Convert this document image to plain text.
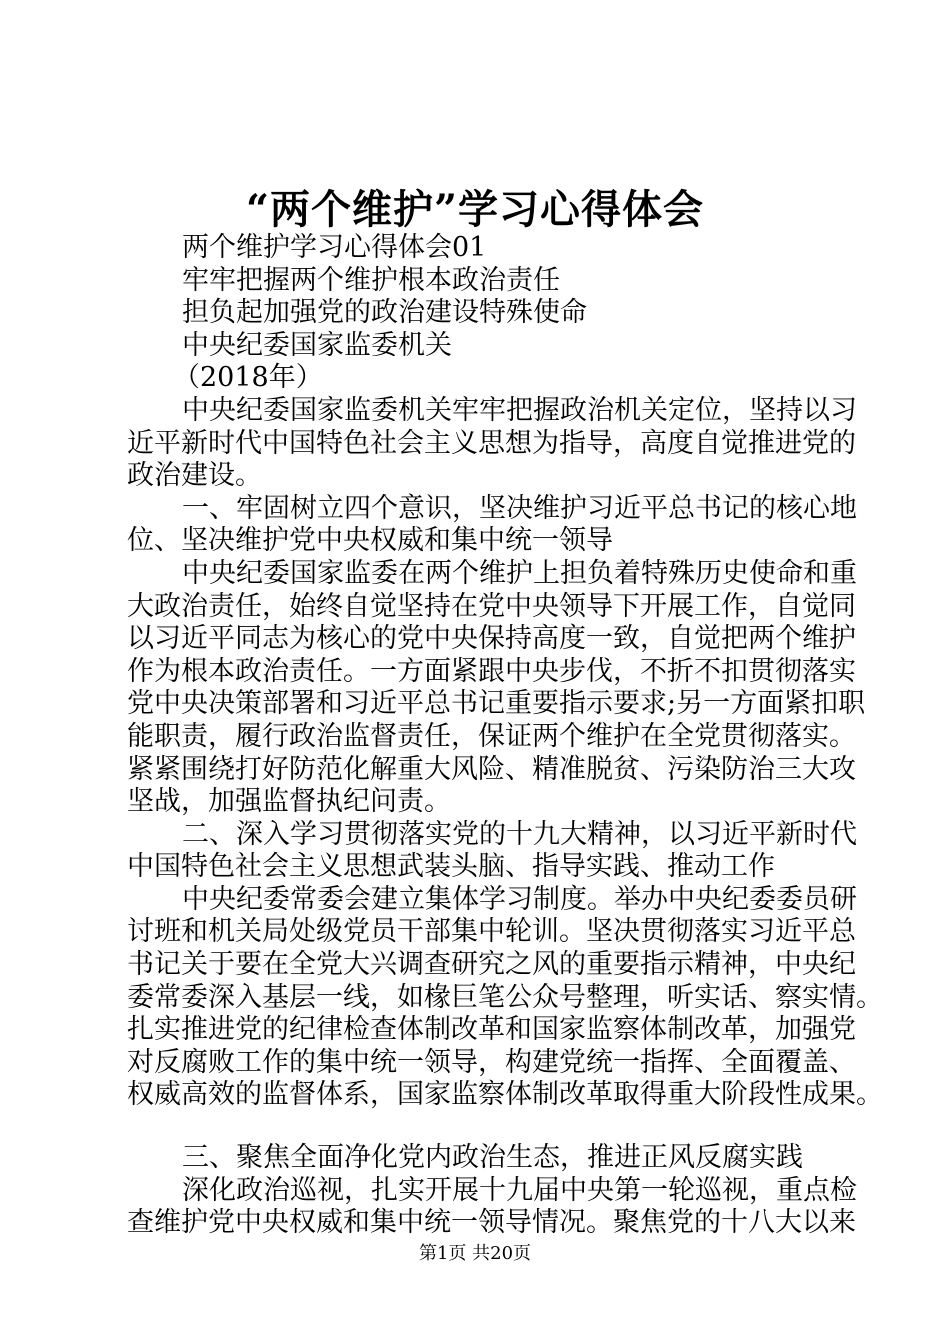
“两个维护”学习心得体会
两个维护学习心得体会01
牢牢把握两个维护根本政治责任
担负起加强党的政治建设特殊使命
中央纪委国家监委机关
（2018年）
中央纪委国家监委机关牢牢把握政治机关定位，坚持以习
近平新时代中国特色社会主义思想为指导，高度自觉推进党的
政治建设。
一、牢固树立四个意识，坚决维护习近平总书记的核心地
位、坚决维护党中央权威和集中统一领导
中央纪委国家监委在两个维护上担负着特殊历史使命和重
大政治责任，始终自觉坚持在党中央领导下开展工作，自觉同
以习近平同志为核心的党中央保持高度一致，自觉把两个维护
作为根本政治责任。一方面紧跟中央步伐，不折不扣贯彻落实
党中央决策部署和习近平总书记重要指示要求;另一方面紧扣职
能职责，履行政治监督责任，保证两个维护在全党贯彻落实。
紧紧围绕打好防范化解重大风险、精准脱贫、污染防治三大攻
坚战，加强监督执纪问责。
二、深入学习贯彻落实党的十九大精神，以习近平新时代
中国特色社会主义思想武装头脑、指导实践、推动工作
中央纪委常委会建立集体学习制度。举办中央纪委委员研
讨班和机关局处级党员干部集中轮训。坚决贯彻落实习近平总
书记关于要在全党大兴调查研究之风的重要指示精神，中央纪
委常委深入基层一线，如椽巨笔公众号整理，听实话、察实情。
扎实推进党的纪律检查体制改革和国家监察体制改革，加强党
对反腐败工作的集中统一领导，构建党统一指挥、全面覆盖、
权威高效的监督体系，国家监察体制改革取得重大阶段性成果。
三、聚焦全面净化党内政治生态，推进正风反腐实践
深化政治巡视，扎实开展十九届中央第一轮巡视，重点检
查维护党中央权威和集中统一领导情况。聚焦党的十八大以来
第1页 共20页
